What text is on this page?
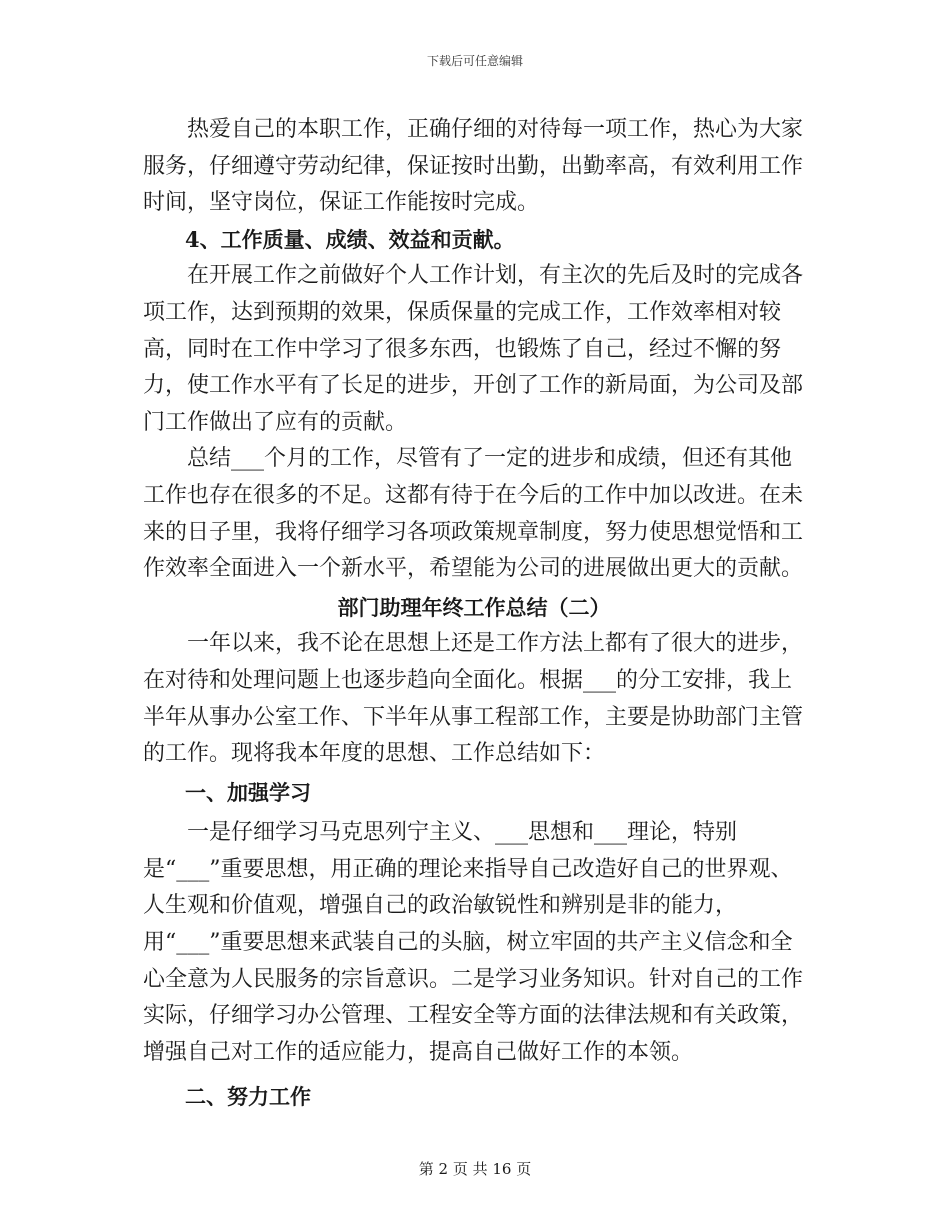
下载后可任意编辑

热爱自己的本职工作，正确仔细的对待每一项工作，热心为大家服务，仔细遵守劳动纪律，保证按时出勤，出勤率高，有效利用工作时间，坚守岗位，保证工作能按时完成。

4、工作质量、成绩、效益和贡献。

在开展工作之前做好个人工作计划，有主次的先后及时的完成各项工作，达到预期的效果，保质保量的完成工作，工作效率相对较高，同时在工作中学习了很多东西，也锻炼了自己，经过不懈的努力，使工作水平有了长足的进步，开创了工作的新局面，为公司及部门工作做出了应有的贡献。

总结___个月的工作，尽管有了一定的进步和成绩，但还有其他工作也存在很多的不足。这都有待于在今后的工作中加以改进。在未来的日子里，我将仔细学习各项政策规章制度，努力使思想觉悟和工作效率全面进入一个新水平，希望能为公司的进展做出更大的贡献。

部门助理年终工作总结（二）

一年以来，我不论在思想上还是工作方法上都有了很大的进步，在对待和处理问题上也逐步趋向全面化。根据___的分工安排，我上半年从事办公室工作、下半年从事工程部工作，主要是协助部门主管的工作。现将我本年度的思想、工作总结如下：

一、加强学习

一是仔细学习马克思列宁主义、___思想和___理论，特别是“___”重要思想，用正确的理论来指导自己改造好自己的世界观、人生观和价值观，增强自己的政治敏锐性和辨别是非的能力，用“___”重要思想来武装自己的头脑，树立牢固的共产主义信念和全心全意为人民服务的宗旨意识。二是学习业务知识。针对自己的工作实际，仔细学习办公管理、工程安全等方面的法律法规和有关政策，增强自己对工作的适应能力，提高自己做好工作的本领。

二、努力工作

第 2 页 共 16 页
